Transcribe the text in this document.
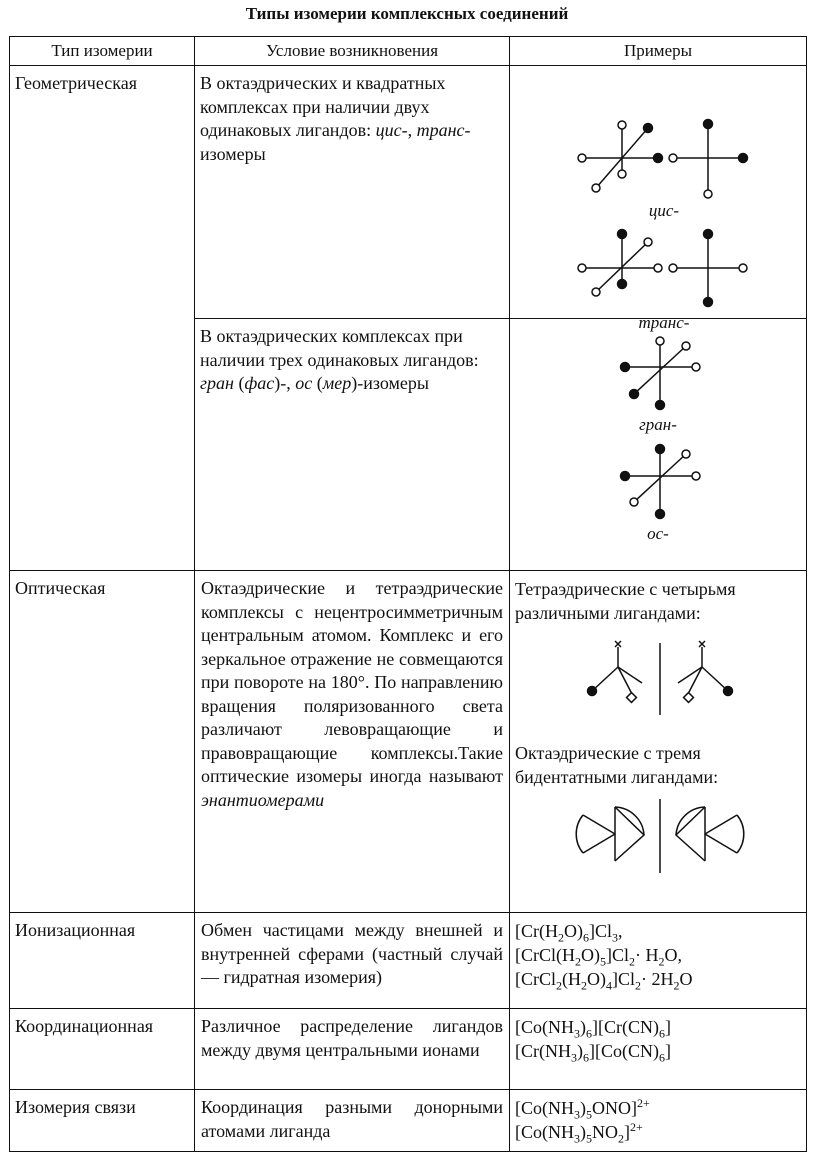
Типы изомерии комплексных соединений
Тип изомерии	Условие возникновения	Примеры

Геометрическая	В октаэдрических и квадратных комплексах при наличии двух одинаковых лигандов: цис-, транс-изомеры	цис-
транс-

	В октаэдрических комплексах при наличии трех одинаковых лигандов: гран (фас)-, ос (мер)-изомеры	гран-
ос-

Оптическая	Октаэдрические и тетраэдрические комплексы с нецентросимметричным центральным атомом. Комплекс и его зеркальное отражение не совмещаются при повороте на 180°. По направлению вращения поляризованного света различают левовращающие и правовращающие комплексы.Такие оптические изомеры иногда называют энантиомерами	Тетраэдрические с четырьмя различными лигандами:
Октаэдрические с тремя бидентатными лигандами:

Ионизационная	Обмен частицами между внешней и внутренней сферами (частный случай — гидратная изомерия)	$[Cr(H_2O)_6]Cl_3$,
$[CrCl(H_2O)_5]Cl_2\cdot H_2O$,
$[CrCl_2(H_2O)_4]Cl_2\cdot 2H_2O$

Координационная	Различное распределение лигандов между двумя центральными ионами	$[Co(NH_3)_6][Cr(CN)_6]$
$[Cr(NH_3)_6][Co(CN)_6]$

Изомерия связи	Координация разными донорными атомами лиганда	$[Co(NH_3)_5ONO]^{2+}$
$[Co(NH_3)_5NO_2]^{2+}$
